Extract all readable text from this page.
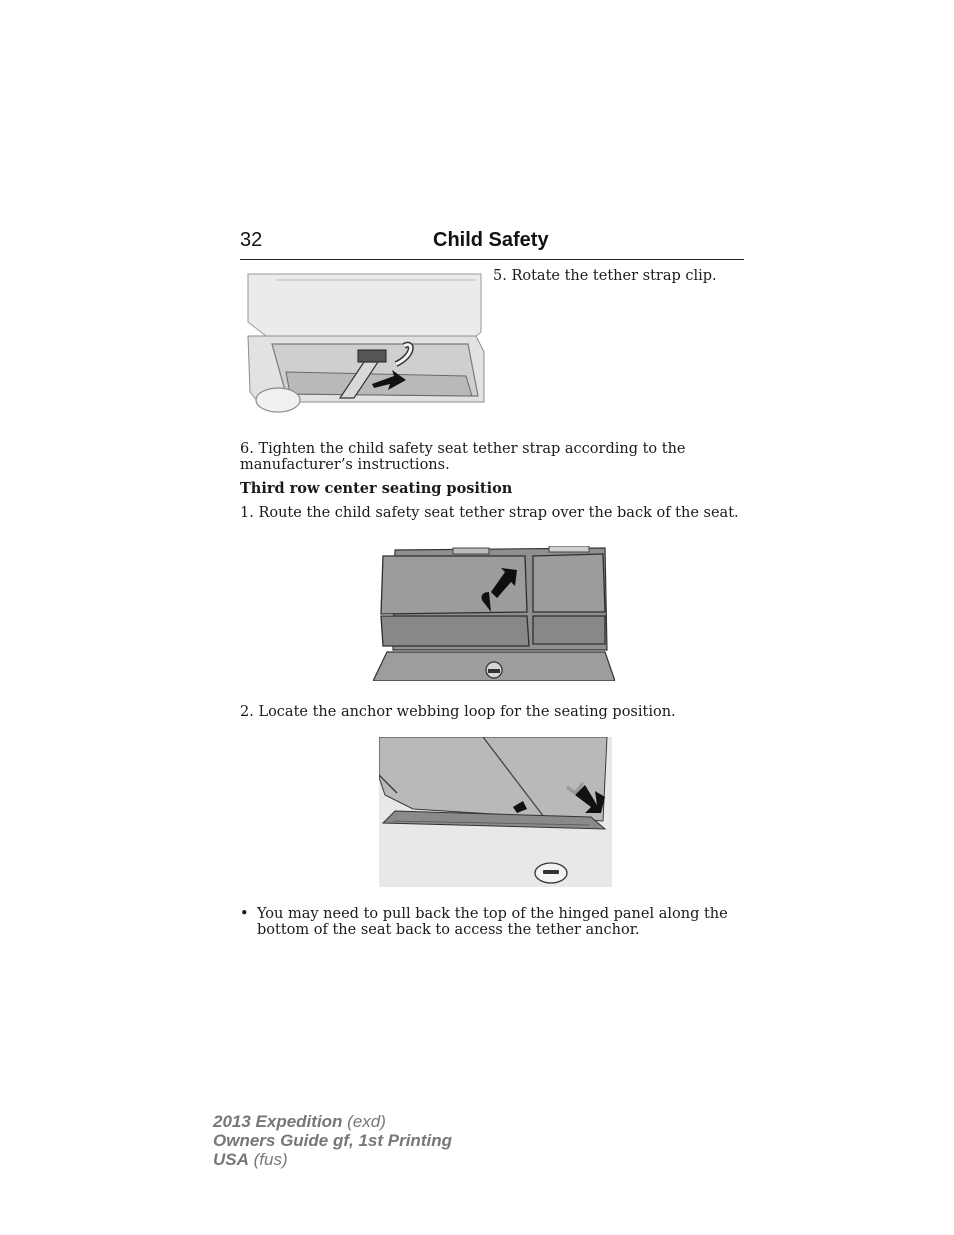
32	Child Safety
5. Rotate the tether strap clip.
6. Tighten the child safety seat tether strap according to the manufacturer’s instructions.
Third row center seating position
1. Route the child safety seat tether strap over the back of the seat.
2. Locate the anchor webbing loop for the seating position.
• You may need to pull back the top of the hinged panel along the bottom of the seat back to access the tether anchor.
2013 Expedition (exd)
Owners Guide gf, 1st Printing
USA (fus)
